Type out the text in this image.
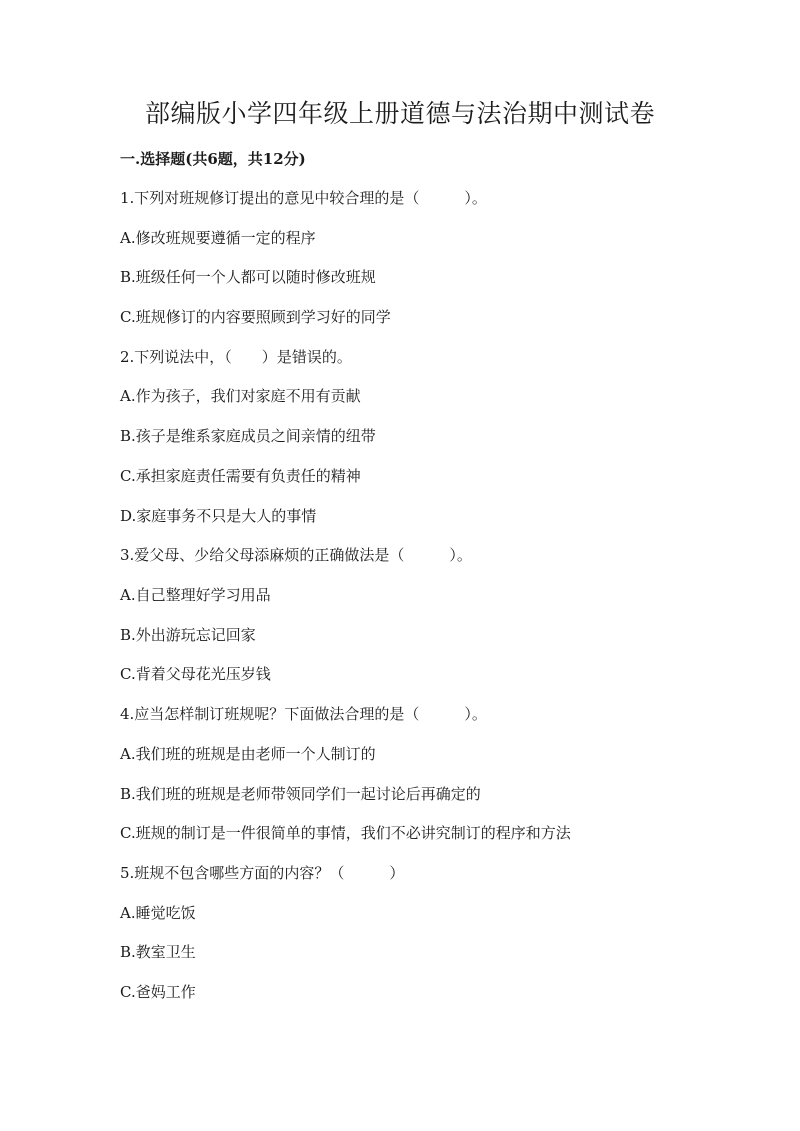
部编版小学四年级上册道德与法治期中测试卷
一.选择题(共6题，共12分)

1.下列对班规修订提出的意见中较合理的是（　　　）。

A.修改班规要遵循一定的程序

B.班级任何一个人都可以随时修改班规

C.班规修订的内容要照顾到学习好的同学

2.下列说法中，（　　）是错误的。

A.作为孩子，我们对家庭不用有贡献

B.孩子是维系家庭成员之间亲情的纽带

C.承担家庭责任需要有负责任的精神

D.家庭事务不只是大人的事情

3.爱父母、少给父母添麻烦的正确做法是（　　　）。

A.自己整理好学习用品

B.外出游玩忘记回家

C.背着父母花光压岁钱

4.应当怎样制订班规呢？下面做法合理的是（　　　）。

A.我们班的班规是由老师一个人制订的

B.我们班的班规是老师带领同学们一起讨论后再确定的

C.班规的制订是一件很简单的事情，我们不必讲究制订的程序和方法

5.班规不包含哪些方面的内容？（　　　）

A.睡觉吃饭

B.教室卫生

C.爸妈工作
